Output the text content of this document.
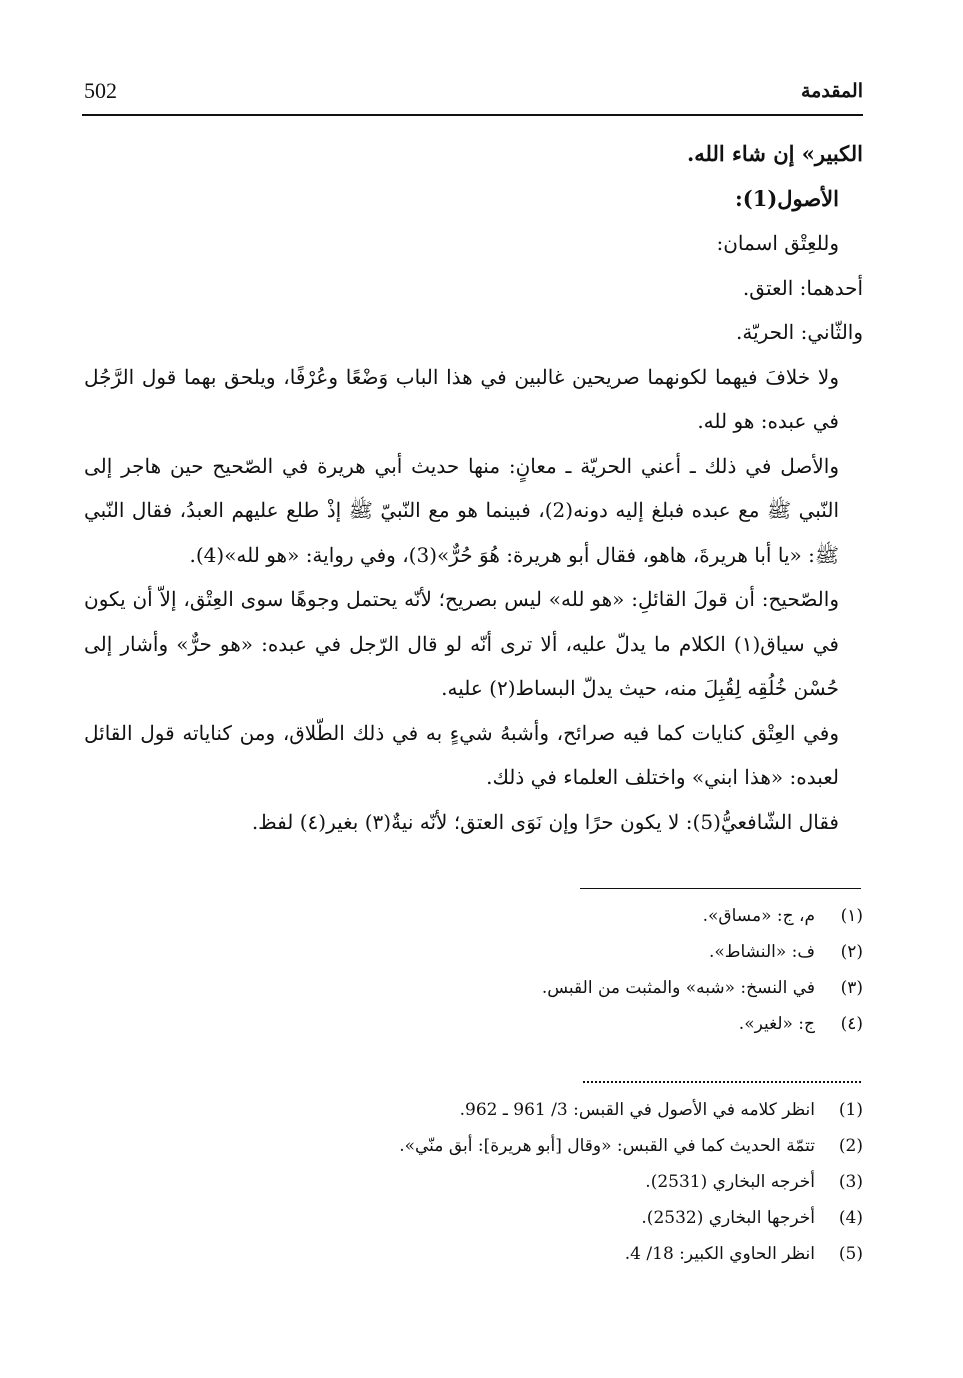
502	المقدمة

الكبير» إن شاء الله.

الأصول(1):

وللعِتْق اسمان:

أحدهما: العتق.

والثّاني: الحريّة.

ولا خلافَ فيهما لكونهما صريحين غالبين في هذا الباب وَضْعًا وعُرْفًا، ويلحق بهما قول الرَّجُل في عبده: هو لله.

والأصل في ذلك ـ أعني الحريّة ـ معانٍ: منها حديث أبي هريرة في الصّحيح حين هاجر إلى النّبي ﷺ مع عبده فبلغ إليه دونه(2)، فبينما هو مع النّبيّ ﷺ إذْ طلع عليهم العبدُ، فقال النّبي ﷺ: «يا أبا هريرةَ، هاهو، فقال أبو هريرة: هُوَ حُرٌّ»(3)، وفي رواية: «هو لله»(4).

والصّحيح: أن قولَ القائلِ: «هو لله» ليس بصريح؛ لأنّه يحتمل وجوهًا سوى العِتْق، إلاّ أن يكون في سياق(١) الكلام ما يدلّ عليه، ألا ترى أنّه لو قال الرّجل في عبده: «هو حرٌّ» وأشار إلى حُسْن خُلُقِه لِقُبِلَ منه، حيث يدلّ البساط(٢) عليه.

وفي العِتْق كنايات كما فيه صرائح، وأشبهُ شيءٍ به في ذلك الطّلاق، ومن كناياته قول القائل لعبده: «هذا ابني» واختلف العلماء في ذلك.

فقال الشّافعيُّ(5): لا يكون حرًا وإن نَوَى العتق؛ لأنّه نيةٌ(٣) بغير(٤) لفظ.

(١)
م، ج: «مساق».
(٢)
ف: «النشاط».
(٣)
في النسخ: «شبه» والمثبت من القبس.
(٤)
ج: «لغير».
(1)
انظر كلامه في الأصول في القبس: 3/ 961 ـ 962.
(2)
تتمّة الحديث كما في القبس: «وقال [أبو هريرة]: أبق منّي».
(3)
أخرجه البخاري (2531).
(4)
أخرجها البخاري (2532).
(5)
انظر الحاوي الكبير: 18/ 4.
